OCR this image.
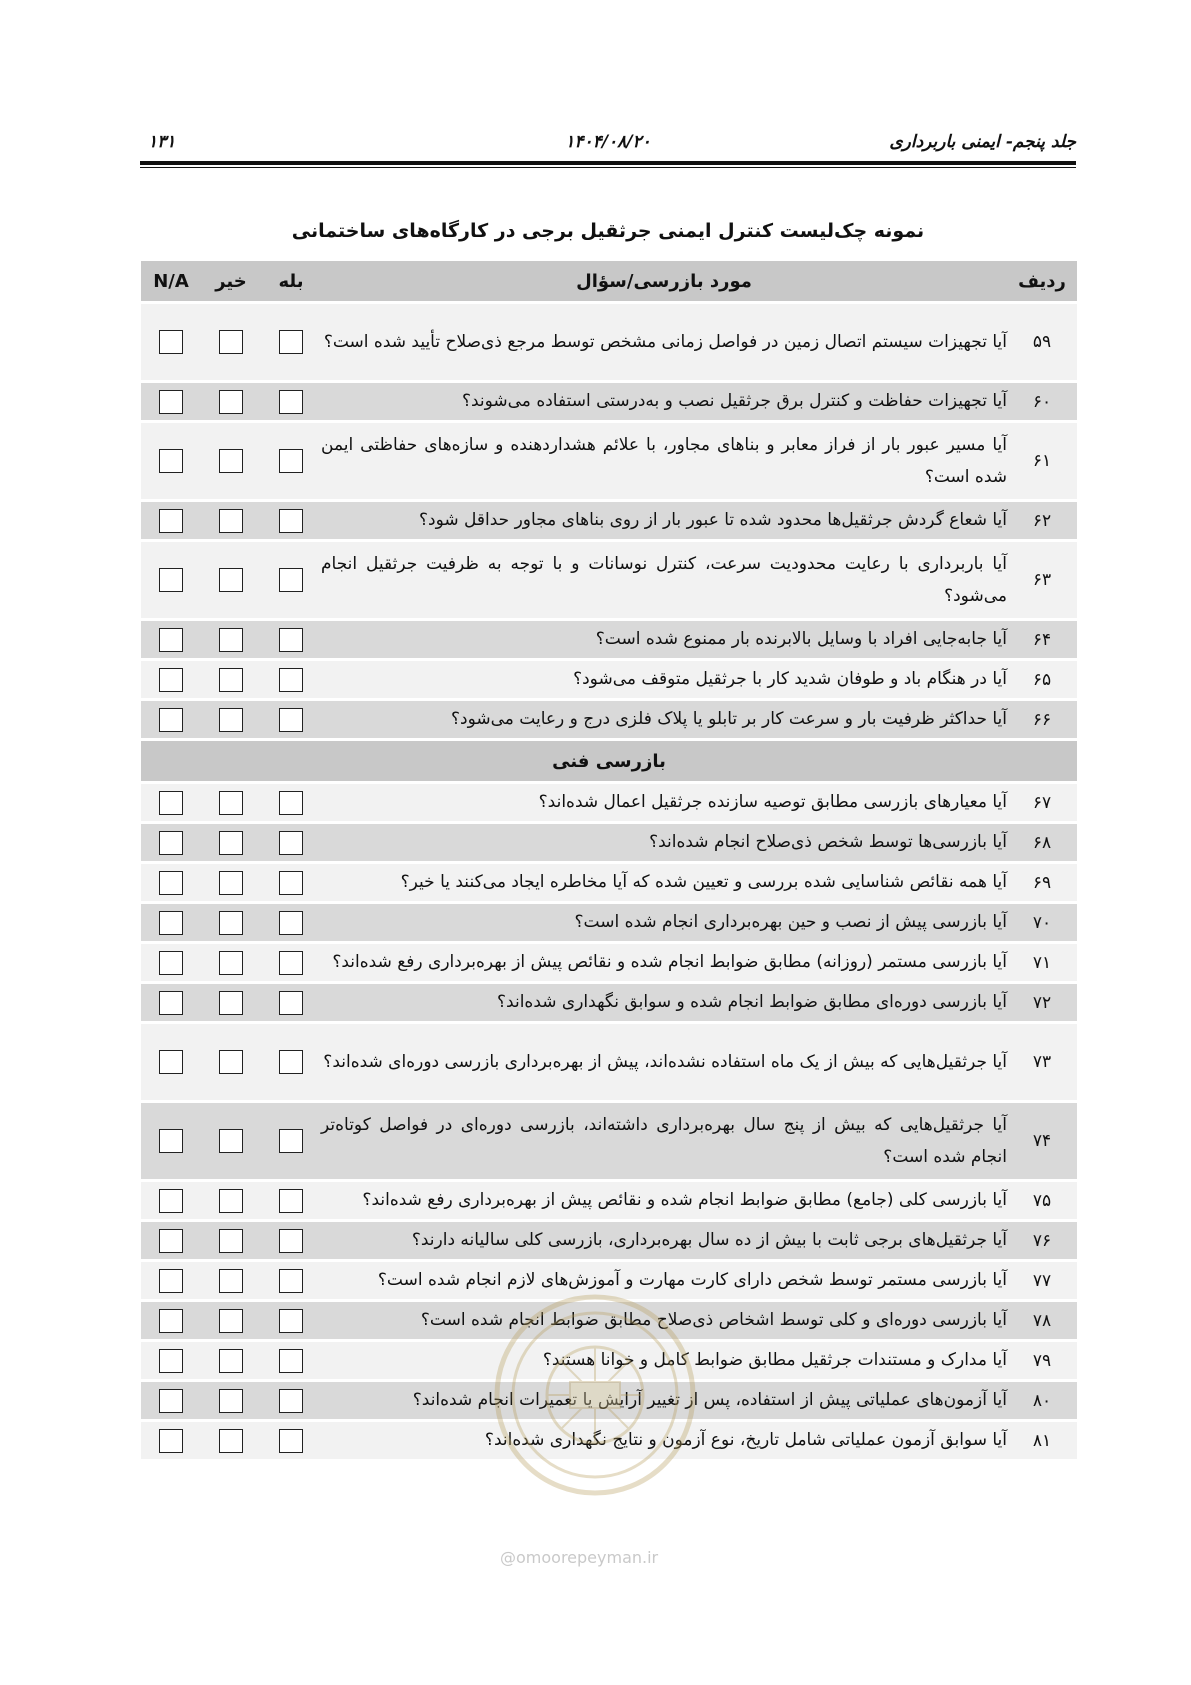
جلد پنجم- ایمنی باربرداری
۱۴۰۴/۰۸/۲۰
۱۳۱
نمونه چک‌لیست کنترل ایمنی جرثقیل برجی در کارگاه‌های ساختمانی
ردیف	مورد بازرسی/سؤال	بله	خیر	N/A
۵۹	آیا تجهیزات سیستم اتصال زمین در فواصل زمانی مشخص توسط مرجع ذی‌صلاح تأیید شده است؟			
۶۰	آیا تجهیزات حفاظت و کنترل برق جرثقیل نصب و به‌درستی استفاده می‌شوند؟			
۶۱	آیا مسیر عبور بار از فراز معابر و بناهای مجاور، با علائم هشداردهنده و سازه‌های حفاظتی ایمن شده است؟			
۶۲	آیا شعاع گردش جرثقیل‌ها محدود شده تا عبور بار از روی بناهای مجاور حداقل شود؟			
۶۳	آیا باربرداری با رعایت محدودیت سرعت، کنترل نوسانات و با توجه به ظرفیت جرثقیل انجام می‌شود؟			
۶۴	آیا جابه‌جایی افراد با وسایل بالابرنده بار ممنوع شده است؟			
۶۵	آیا در هنگام باد و طوفان شدید کار با جرثقیل متوقف می‌شود؟			
۶۶	آیا حداکثر ظرفیت بار و سرعت کار بر تابلو یا پلاک فلزی درج و رعایت می‌شود؟			
بازرسی فنی				
۶۷	آیا معیارهای بازرسی مطابق توصیه سازنده جرثقیل اعمال شده‌اند؟			
۶۸	آیا بازرسی‌ها توسط شخص ذی‌صلاح انجام شده‌اند؟			
۶۹	آیا همه نقائص شناسایی شده بررسی و تعیین شده که آیا مخاطره ایجاد می‌کنند یا خیر؟			
۷۰	آیا بازرسی پیش از نصب و حین بهره‌برداری انجام شده است؟			
۷۱	آیا بازرسی مستمر (روزانه) مطابق ضوابط انجام شده و نقائص پیش از بهره‌برداری رفع شده‌اند؟			
۷۲	آیا بازرسی دوره‌ای مطابق ضوابط انجام شده و سوابق نگهداری شده‌اند؟			
۷۳	آیا جرثقیل‌هایی که بیش از یک ماه استفاده نشده‌اند، پیش از بهره‌برداری بازرسی دوره‌ای شده‌اند؟			
۷۴	آیا جرثقیل‌هایی که بیش از پنج سال بهره‌برداری داشته‌اند، بازرسی دوره‌ای در فواصل کوتاه‌تر انجام شده است؟			
۷۵	آیا بازرسی کلی (جامع) مطابق ضوابط انجام شده و نقائص پیش از بهره‌برداری رفع شده‌اند؟			
۷۶	آیا جرثقیل‌های برجی ثابت با بیش از ده سال بهره‌برداری، بازرسی کلی سالیانه دارند؟			
۷۷	آیا بازرسی مستمر توسط شخص دارای کارت مهارت و آموزش‌های لازم انجام شده است؟			
۷۸	آیا بازرسی دوره‌ای و کلی توسط اشخاص ذی‌صلاح مطابق ضوابط انجام شده است؟			
۷۹	آیا مدارک و مستندات جرثقیل مطابق ضوابط کامل و خوانا هستند؟			
۸۰	آیا آزمون‌های عملیاتی پیش از استفاده، پس از تغییر آرایش یا تعمیرات انجام شده‌اند؟			
۸۱	آیا سوابق آزمون عملیاتی شامل تاریخ، نوع آزمون و نتایج نگهداری شده‌اند؟			
@omoorepeyman.ir
